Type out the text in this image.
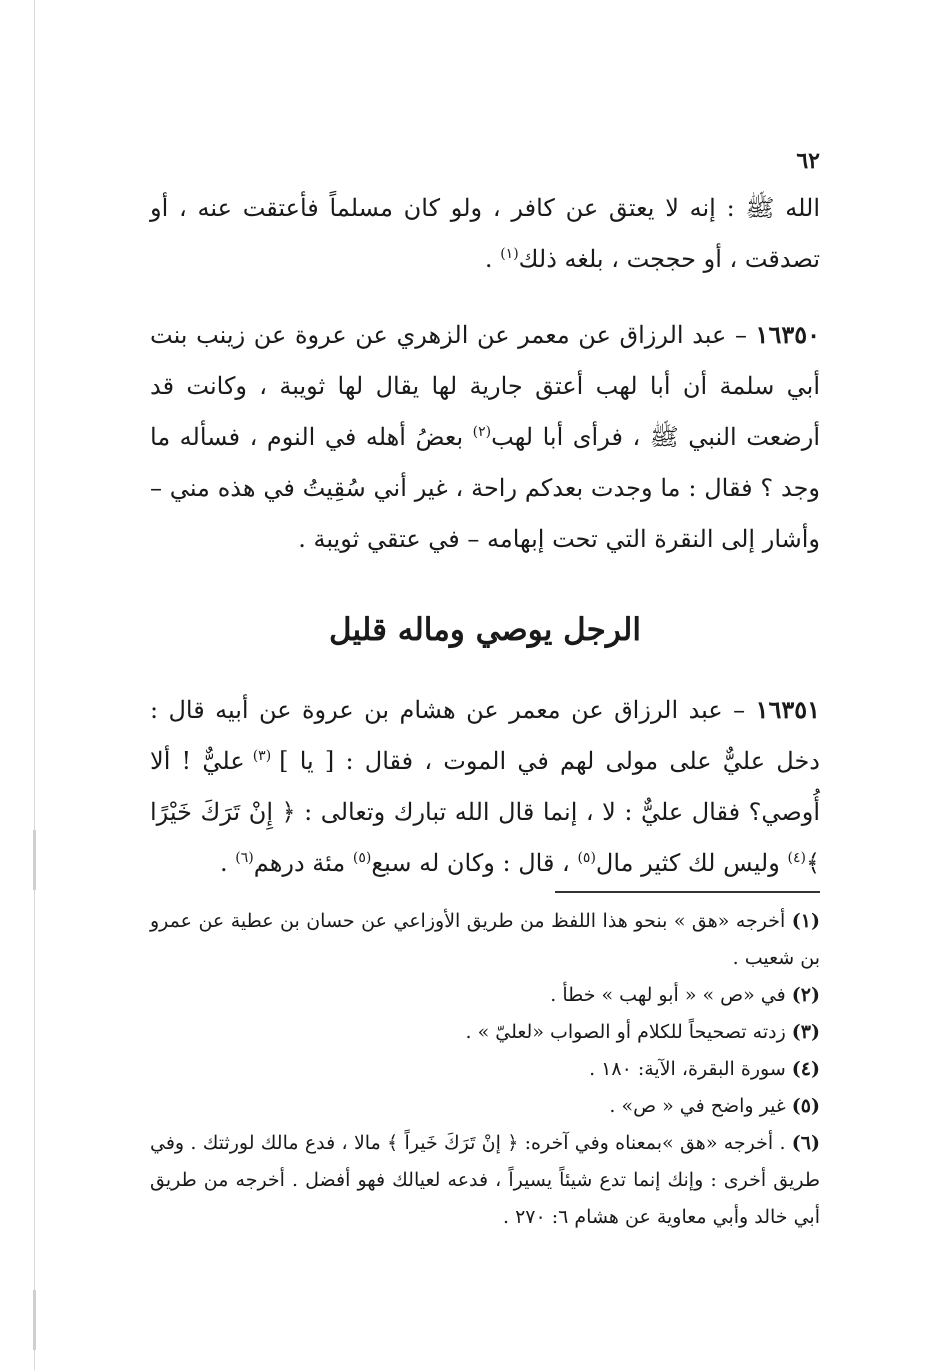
٦٢

الله ﷺ : إنه لا يعتق عن كافر ، ولو كان مسلماً فأعتقت عنه ، أو تصدقت ، أو حججت ، بلغه ذلك$^{(١)}$ .

١٦٣٥٠ – عبد الرزاق عن معمر عن الزهري عن عروة عن زينب بنت أبي سلمة أن أبا لهب أعتق جارية لها يقال لها ثويبة ، وكانت قد أرضعت النبي ﷺ ، فرأى أبا لهب$^{(٢)}$ بعضُ أهله في النوم ، فسأله ما وجد ؟ فقال : ما وجدت بعدكم راحة ، غير أني سُقِيتُ في هذه مني – وأشار إلى النقرة التي تحت إبهامه – في عتقي ثويبة .

الرجل يوصي وماله قليل

١٦٣٥١ – عبد الرزاق عن معمر عن هشام بن عروة عن أبيه قال : دخل عليٌّ على مولى لهم في الموت ، فقال : [ يا ] $^{(٣)}$ عليٌّ ! ألا أُوصي؟ فقال عليٌّ : لا ، إنما قال الله تبارك وتعالى : ﴿ إِنْ تَرَكَ خَيْرًا ﴾$^{(٤)}$ وليس لك كثير مال$^{(٥)}$ ، قال : وكان له سبع$^{(٥)}$ مئة درهم$^{(٦)}$ .

(١) أخرجه «هق » بنحو هذا اللفظ من طريق الأوزاعي عن حسان بن عطية عن عمرو بن شعيب .

(٢) في «ص » « أبو لهب » خطأ .

(٣) زدته تصحيحاً للكلام أو الصواب «لعليّ » .

(٤) سورة البقرة، الآية: ١٨٠ .

(٥) غير واضح في « ص» .

(٦) . أخرجه «هق »بمعناه وفي آخره: ﴿ إنْ تَرَكَ خَيراً ﴾ مالا ، فدع مالك لورثتك . وفي طريق أخرى : وإنك إنما تدع شيئاً يسيراً ، فدعه لعيالك فهو أفضل . أخرجه من طريق أبي خالد وأبي معاوية عن هشام ٦: ٢٧٠ .
